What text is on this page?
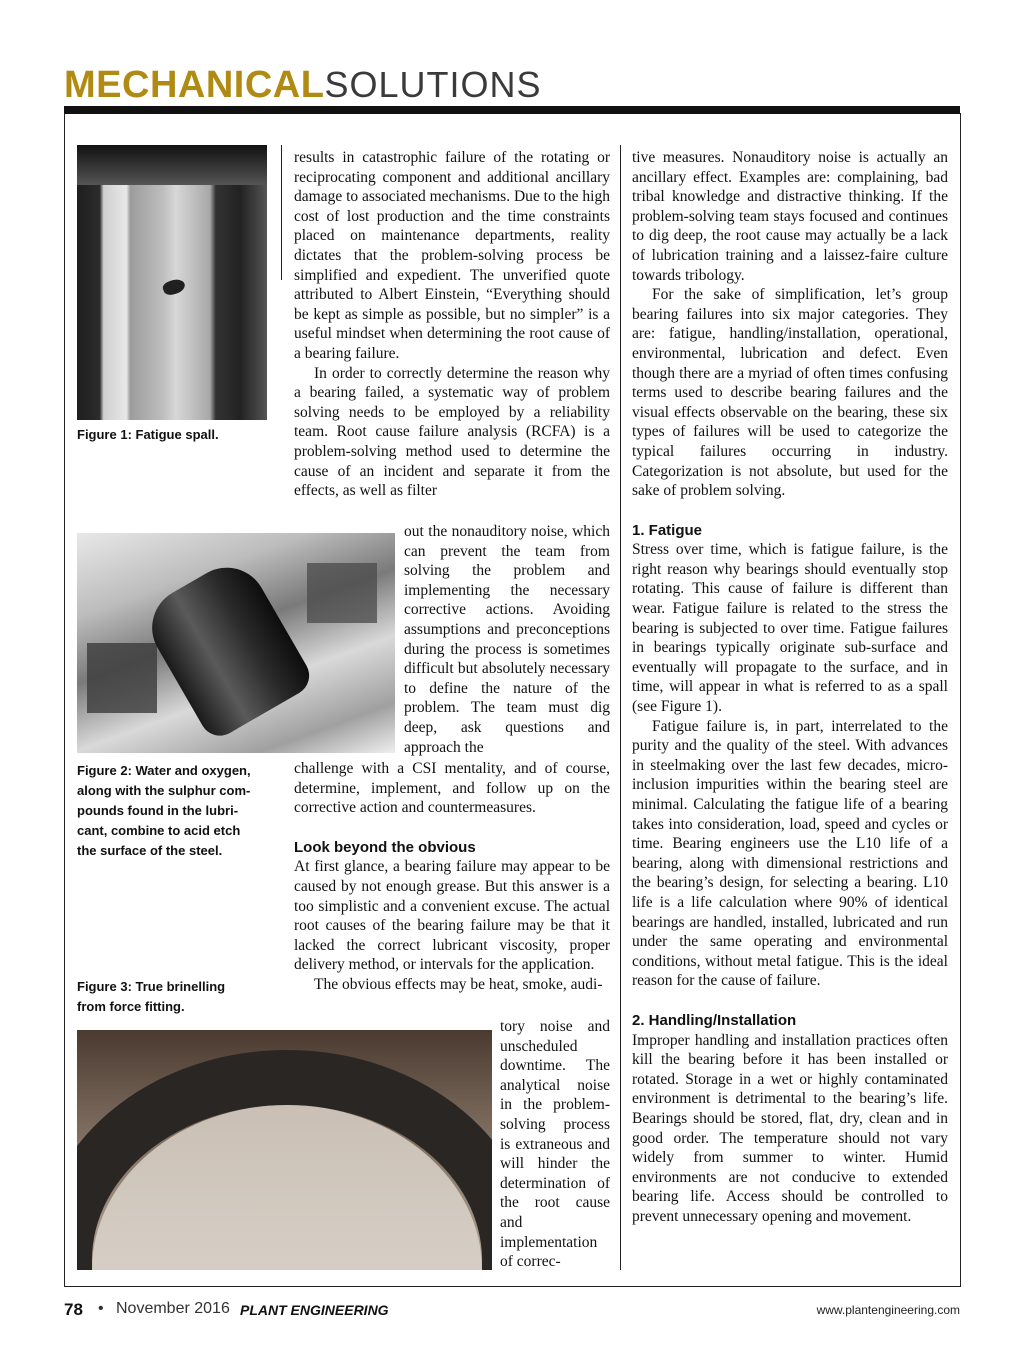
MECHANICALSOLUTIONS
Figure 1: Fatigue spall.
Figure 2: Water and oxygen,
along with the sulphur com-
pounds found in the lubri-
cant, combine to acid etch
the surface of the steel.
Figure 3: True brinelling
from force fitting.

results in catastrophic failure of the rotating or reciprocating component and additional ancillary damage to associated mechanisms. Due to the high cost of lost production and the time constraints placed on maintenance departments, reality dictates that the problem-solving process be simplified and expedient. The unverified quote attributed to Albert Einstein, “Everything should be kept as simple as possible, but no simpler” is a useful mindset when determining the root cause of a bearing failure.

In order to correctly determine the reason why a bearing failed, a systematic way of problem solving needs to be employed by a reliability team. Root cause failure analysis (RCFA) is a problem-solving method used to determine the cause of an incident and separate it from the effects, as well as filter

out the nonauditory noise, which can prevent the team from solving the problem and implementing the necessary corrective actions. Avoiding assumptions and preconceptions during the process is sometimes difficult but absolutely necessary to define the nature of the problem. The team must dig deep, ask questions and approach the

challenge with a CSI mentality, and of course, determine, implement, and follow up on the corrective action and countermeasures.

Look beyond the obvious

At first glance, a bearing failure may appear to be caused by not enough grease. But this answer is a too simplistic and a convenient excuse. The actual root causes of the bearing failure may be that it lacked the correct lubricant viscosity, proper delivery method, or intervals for the application.

The obvious effects may be heat, smoke, audi-

tory noise and unscheduled downtime. The analytical noise in the problem-solving process is extraneous and will hinder the determination of the root cause and implementation of correc-

tive measures. Nonauditory noise is actually an ancillary effect. Examples are: complaining, bad tribal knowledge and distractive thinking. If the problem-solving team stays focused and continues to dig deep, the root cause may actually be a lack of lubrication training and a laissez-faire culture towards tribology.

For the sake of simplification, let’s group bearing failures into six major categories. They are: fatigue, handling/installation, operational, environmental, lubrication and defect. Even though there are a myriad of often times confusing terms used to describe bearing failures and the visual effects observable on the bearing, these six types of failures will be used to categorize the typical failures occurring in industry. Categorization is not absolute, but used for the sake of problem solving.

1. Fatigue

Stress over time, which is fatigue failure, is the right reason why bearings should eventually stop rotating. This cause of failure is different than wear. Fatigue failure is related to the stress the bearing is subjected to over time. Fatigue failures in bearings typically originate sub-surface and eventually will propagate to the surface, and in time, will appear in what is referred to as a spall (see Figure 1).

Fatigue failure is, in part, interrelated to the purity and the quality of the steel. With advances in steelmaking over the last few decades, micro-inclusion impurities within the bearing steel are minimal. Calculating the fatigue life of a bearing takes into consideration, load, speed and cycles or time. Bearing engineers use the L10 life of a bearing, along with dimensional restrictions and the bearing’s design, for selecting a bearing. L10 life is a life calculation where 90% of identical bearings are handled, installed, lubricated and run under the same operating and environmental conditions, without metal fatigue. This is the ideal reason for the cause of failure.

2. Handling/Installation

Improper handling and installation practices often kill the bearing before it has been installed or rotated. Storage in a wet or highly contaminated environment is detrimental to the bearing’s life. Bearings should be stored, flat, dry, clean and in good order. The temperature should not vary widely from summer to winter. Humid environments are not conducive to extended bearing life. Access should be controlled to prevent unnecessary opening and movement.

78 • November 2016 PLANT ENGINEERING	www.plantengineering.com
